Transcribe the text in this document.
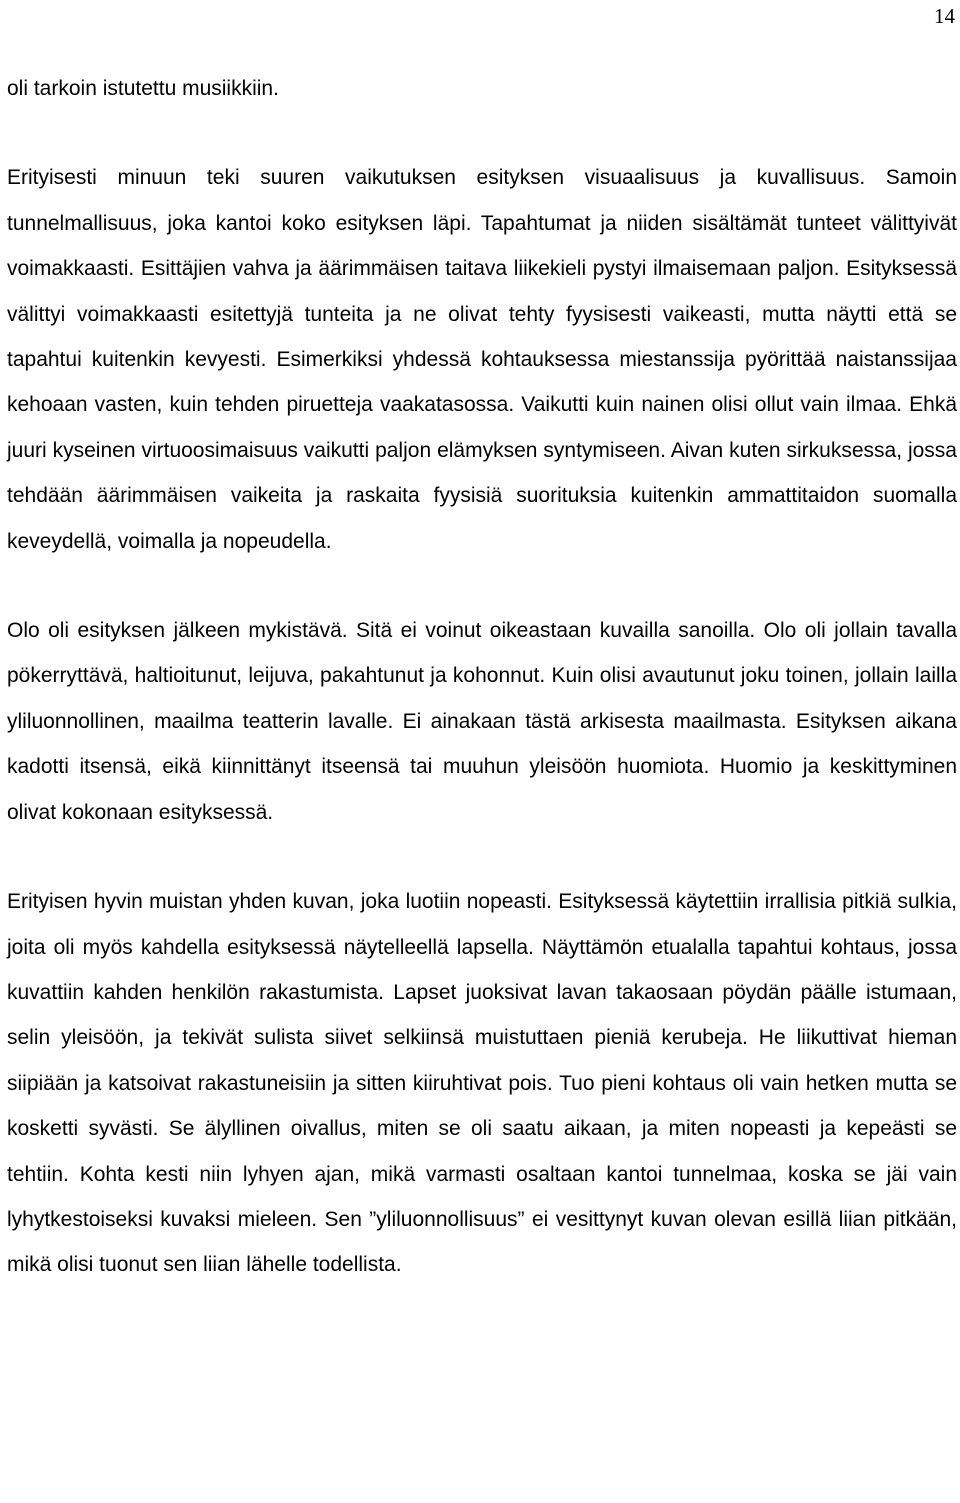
14

oli tarkoin istutettu musiikkiin.

Erityisesti minuun teki suuren vaikutuksen esityksen visuaalisuus ja kuvallisuus. Samoin tunnelmallisuus, joka kantoi koko esityksen läpi. Tapahtumat ja niiden sisältämät tunteet välittyivät voimakkaasti. Esittäjien vahva ja äärimmäisen taitava liikekieli pystyi ilmaisemaan paljon. Esityksessä välittyi voimakkaasti esitettyjä tunteita ja ne olivat tehty fyysisesti vaikeasti, mutta näytti että se tapahtui kuitenkin kevyesti. Esimerkiksi yhdessä kohtauksessa miestanssija pyörittää naistanssijaa kehoaan vasten, kuin tehden piruetteja vaakatasossa. Vaikutti kuin nainen olisi ollut vain ilmaa. Ehkä juuri kyseinen virtuoosimaisuus vaikutti paljon elämyksen syntymiseen. Aivan kuten sirkuksessa, jossa tehdään äärimmäisen vaikeita ja raskaita fyysisiä suorituksia kuitenkin ammattitaidon suomalla keveydellä, voimalla ja nopeudella.

Olo oli esityksen jälkeen mykistävä. Sitä ei voinut oikeastaan kuvailla sanoilla. Olo oli jollain tavalla pökerryttävä, haltioitunut, leijuva, pakahtunut ja kohonnut. Kuin olisi avautunut joku toinen, jollain lailla yliluonnollinen, maailma teatterin lavalle. Ei ainakaan tästä arkisesta maailmasta. Esityksen aikana kadotti itsensä, eikä kiinnittänyt itseensä tai muuhun yleisöön huomiota. Huomio ja keskittyminen olivat kokonaan esityksessä.

Erityisen hyvin muistan yhden kuvan, joka luotiin nopeasti. Esityksessä käytettiin irrallisia pitkiä sulkia, joita oli myös kahdella esityksessä näytelleellä lapsella. Näyttämön etualalla tapahtui kohtaus, jossa kuvattiin kahden henkilön rakastumista. Lapset juoksivat lavan takaosaan pöydän päälle istumaan, selin yleisöön, ja tekivät sulista siivet selkiinsä muistuttaen pieniä kerubeja. He liikuttivat hieman siipiään ja katsoivat rakastuneisiin ja sitten kiiruhtivat pois. Tuo pieni kohtaus oli vain hetken mutta se kosketti syvästi. Se älyllinen oivallus, miten se oli saatu aikaan, ja miten nopeasti ja kepeästi se tehtiin. Kohta kesti niin lyhyen ajan, mikä varmasti osaltaan kantoi tunnelmaa, koska se jäi vain lyhytkestoiseksi kuvaksi mieleen. Sen ”yliluonnollisuus” ei vesittynyt kuvan olevan esillä liian pitkään, mikä olisi tuonut sen liian lähelle todellista.
